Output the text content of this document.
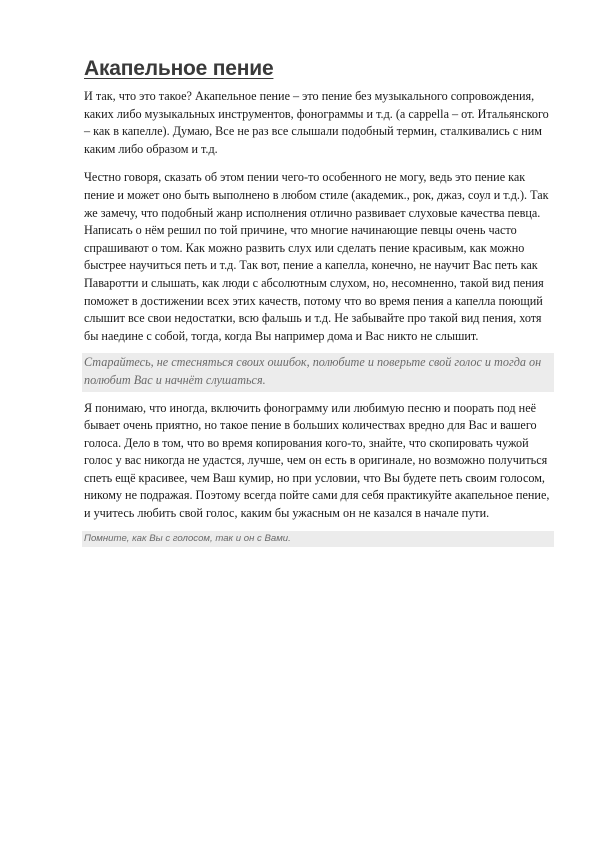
Акапельное пение

И так, что это такое? Акапельное пение – это пение без музыкального сопровождения, каких либо музыкальных инструментов, фонограммы и т.д. (a cappella – от. Итальянского – как в капелле). Думаю, Все не раз все слышали подобный термин, сталкивались с ним каким либо образом и т.д.

Честно говоря, сказать об этом пении чего-то особенного не могу, ведь это пение как пение и может оно быть выполнено в любом стиле (академик., рок, джаз, соул и т.д.). Так же замечу, что подобный жанр исполнения отлично развивает слуховые качества певца.

Написать о нём решил по той причине, что многие начинающие певцы очень часто спрашивают о том. Как можно развить слух или сделать пение красивым, как можно быстрее научиться петь и т.д. Так вот, пение а капелла, конечно, не научит Вас петь как Паваротти и слышать, как люди с абсолютным слухом, но, несомненно, такой вид пения поможет в достижении всех этих качеств, потому что во время пения а капелла поющий слышит все свои недостатки, всю фальшь и т.д. Не забывайте про такой вид пения, хотя бы наедине с собой, тогда, когда Вы например дома и Вас никто не слышит.

Старайтесь, не стесняться своих ошибок, полюбите и поверьте свой голос и тогда он полюбит Вас и начнёт слушаться.

Я понимаю, что иногда, включить фонограмму или любимую песню и поорать под неё бывает очень приятно, но такое пение в больших количествах вредно для Вас и вашего голоса. Дело в том, что во время копирования кого-то, знайте, что скопировать чужой голос у вас никогда не удастся, лучше, чем он есть в оригинале, но возможно получиться спеть ещё красивее, чем Ваш кумир, но при условии, что Вы будете петь своим голосом, никому не подражая. Поэтому всегда пойте сами для себя практикуйте акапельное пение, и учитесь любить свой голос, каким бы ужасным он не казался в начале пути.

Помните, как Вы с голосом, так и он с Вами.
